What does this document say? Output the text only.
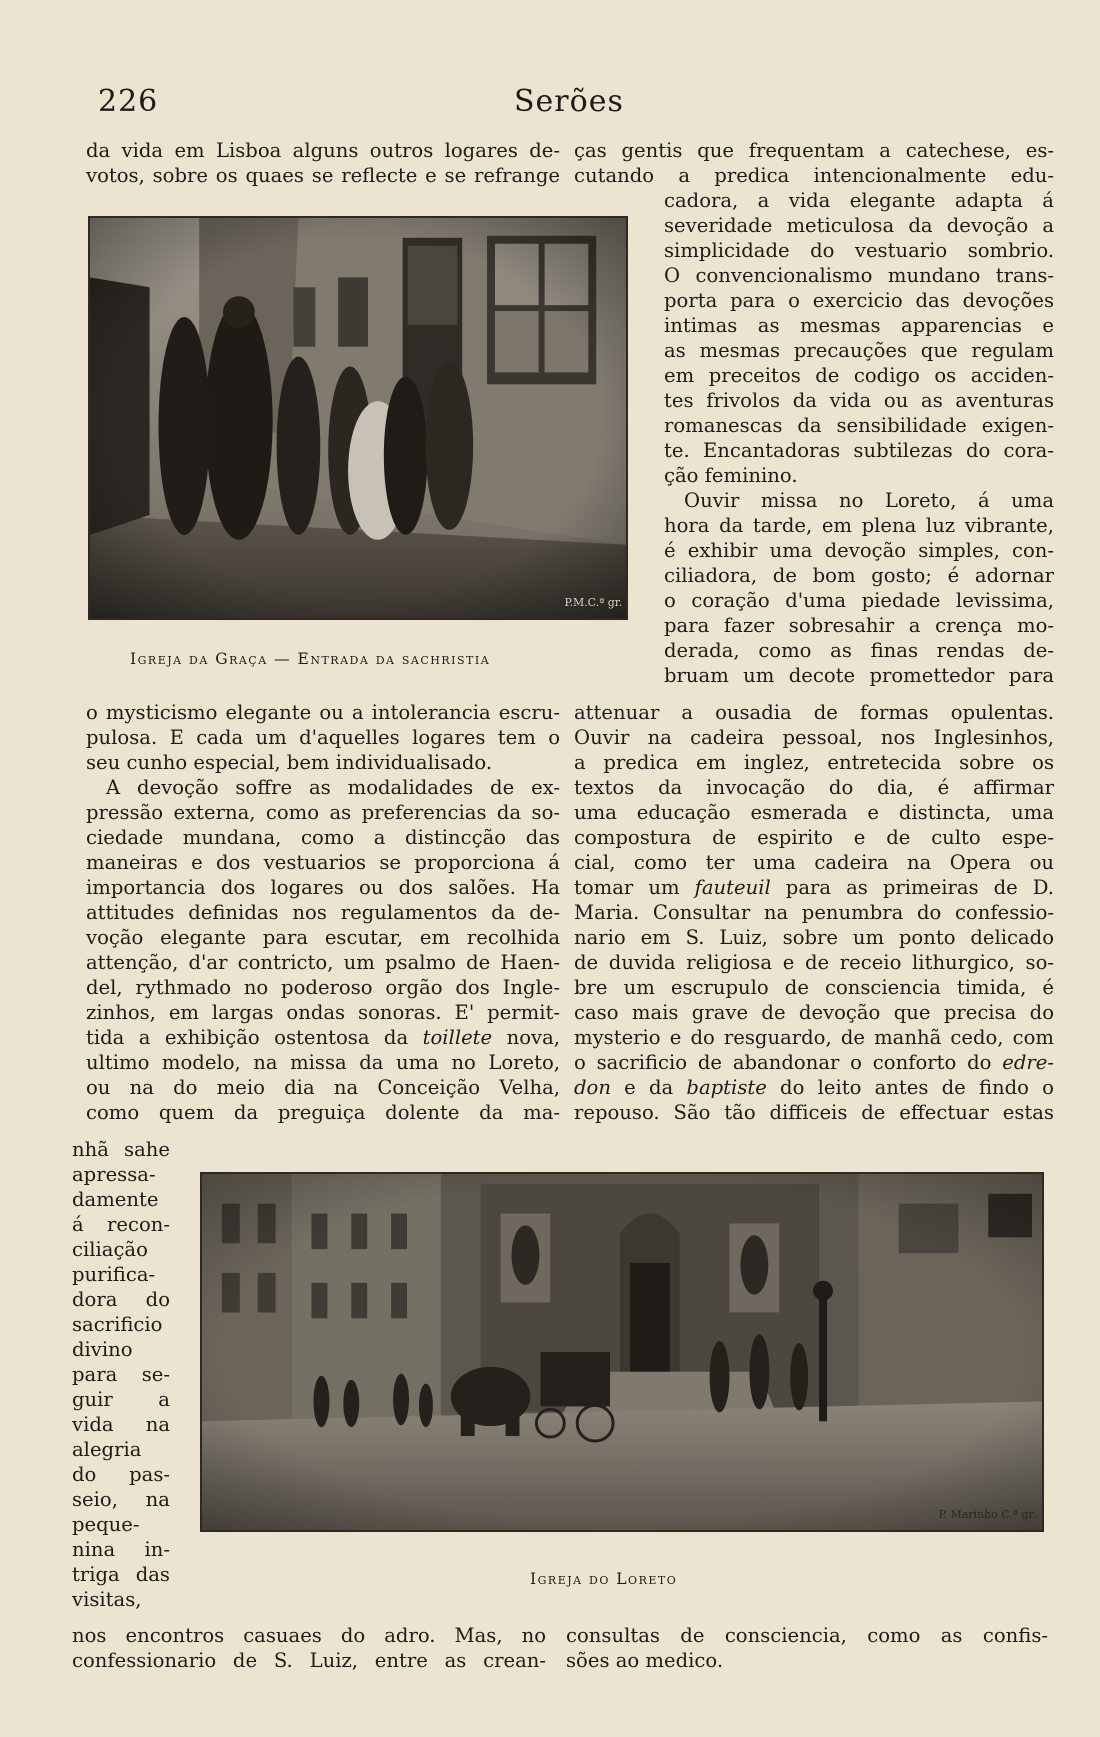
226	Serões

da vida em Lisboa alguns outros logares de-

votos, sobre os quaes se reflecte e se refrange

ças gentis que frequentam a catechese, es-

cutando a predica intencionalmente edu-

P.M.C.ª gr.

cadora, a vida elegante adapta á

severidade meticulosa da devoção a

simplicidade do vestuario sombrio.

O convencionalismo mundano trans-

porta para o exercicio das devoções

intimas as mesmas apparencias e

as mesmas precauções que regulam

em preceitos de codigo os acciden-

tes frivolos da vida ou as aventuras

romanescas da sensibilidade exigen-

te. Encantadoras subtilezas do cora-

ção feminino.

Ouvir missa no Loreto, á uma

hora da tarde, em plena luz vibrante,

é exhibir uma devoção simples, con-

ciliadora, de bom gosto; é adornar

o coração d'uma piedade levissima,

para fazer sobresahir a crença mo-

derada, como as finas rendas de-

bruam um decote promettedor para

Igreja da Graça — Entrada da sachristia

o mysticismo elegante ou a intolerancia escru-

pulosa. E cada um d'aquelles logares tem o

seu cunho especial, bem individualisado.

A devoção soffre as modalidades de ex-

pressão externa, como as preferencias da so-

ciedade mundana, como a distincção das

maneiras e dos vestuarios se proporciona á

importancia dos logares ou dos salões. Ha

attitudes definidas nos regulamentos da de-

voção elegante para escutar, em recolhida

attenção, d'ar contricto, um psalmo de Haen-

del, rythmado no poderoso orgão dos Ingle-

zinhos, em largas ondas sonoras. E' permit-

tida a exhibição ostentosa da toillete nova,

ultimo modelo, na missa da uma no Loreto,

ou na do meio dia na Conceição Velha,

como quem da preguiça dolente da ma-

attenuar a ousadia de formas opulentas.

Ouvir na cadeira pessoal, nos Inglesinhos,

a predica em inglez, entretecida sobre os

textos da invocação do dia, é affirmar

uma educação esmerada e distincta, uma

compostura de espirito e de culto espe-

cial, como ter uma cadeira na Opera ou

tomar um fauteuil para as primeiras de D.

Maria. Consultar na penumbra do confessio-

nario em S. Luiz, sobre um ponto delicado

de duvida religiosa e de receio lithurgico, so-

bre um escrupulo de consciencia timida, é

caso mais grave de devoção que precisa do

mysterio e do resguardo, de manhã cedo, com

o sacrificio de abandonar o conforto do edre-

don e da baptiste do leito antes de findo o

repouso. São tão difficeis de effectuar estas

nhã sahe
apressa-
damente
á recon-
ciliação
purifica-
dora do
sacrificio
divino
para se-
guir a
vida na
alegria
do pas-
seio, na
peque-
nina in-
triga das
visitas,
P. Marinho C.ª gr.
Igreja do Loreto

nos encontros casuaes do adro. Mas, no

confessionario de S. Luiz, entre as crean-

consultas de consciencia, como as confis-

sões ao medico.
